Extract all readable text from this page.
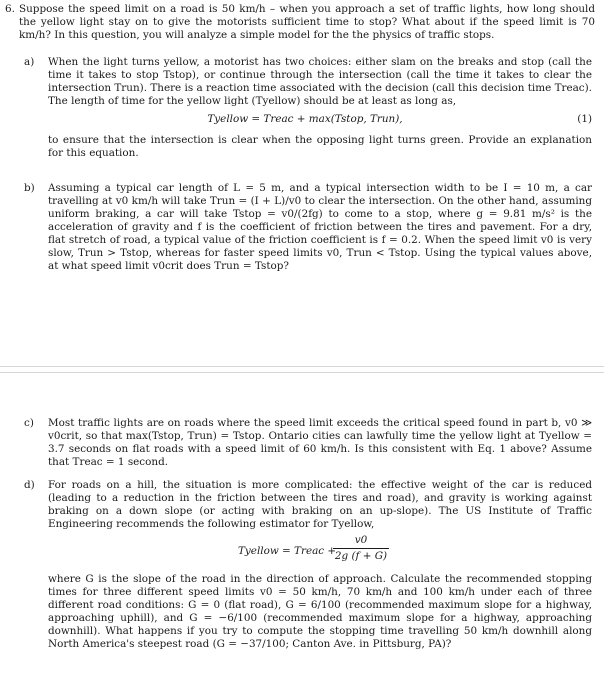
6. Suppose the speed limit on a road is 50 km/h – when you approach a set of traffic lights, how long should the yellow light stay on to give the motorists sufficient time to stop? What about if the speed limit is 70 km/h? In this question, you will analyze a simple model for the the physics of traffic stops.

a) When the light turns yellow, a motorist has two choices: either slam on the breaks and stop (call the time it takes to stop Tstop), or continue through the intersection (call the time it takes to clear the intersection Trun). There is a reaction time associated with the decision (call this decision time Treac). The length of time for the yellow light (Tyellow) should be at least as long as,

Tyellow = Treac + max(Tstop, Trun),	(1)

to ensure that the intersection is clear when the opposing light turns green. Provide an explanation for this equation.

b) Assuming a typical car length of L = 5 m, and a typical intersection width to be I = 10 m, a car travelling at v0 km/h will take Trun = (I + L)/v0 to clear the intersection. On the other hand, assuming uniform braking, a car will take Tstop = v0/(2fg) to come to a stop, where g = 9.81 m/s² is the acceleration of gravity and f is the coefficient of friction between the tires and pavement. For a dry, flat stretch of road, a typical value of the friction coefficient is f = 0.2. When the speed limit v0 is very slow, Trun > Tstop, whereas for faster speed limits v0, Trun < Tstop. Using the typical values above, at what speed limit v0crit does Trun = Tstop?

c) Most traffic lights are on roads where the speed limit exceeds the critical speed found in part b, v0 ≫ v0crit, so that max(Tstop, Trun) = Tstop. Ontario cities can lawfully time the yellow light at Tyellow = 3.7 seconds on flat roads with a speed limit of 60 km/h. Is this consistent with Eq. 1 above? Assume that Treac = 1 second.

d) For roads on a hill, the situation is more complicated: the effective weight of the car is reduced (leading to a reduction in the friction between the tires and road), and gravity is working against braking on a down slope (or acting with braking on an up-slope). The US Institute of Traffic Engineering recommends the following estimator for Tyellow,

Tyellow = Treac +
$\frac{v0}{2g (f + G)}$

where G is the slope of the road in the direction of approach. Calculate the recommended stopping times for three different speed limits v0 = 50 km/h, 70 km/h and 100 km/h under each of three different road conditions: G = 0 (flat road), G = 6/100 (recommended maximum slope for a highway, approaching uphill), and G = −6/100 (recommended maximum slope for a highway, approaching downhill). What happens if you try to compute the stopping time travelling 50 km/h downhill along North America's steepest road (G = −37/100; Canton Ave. in Pittsburg, PA)?
